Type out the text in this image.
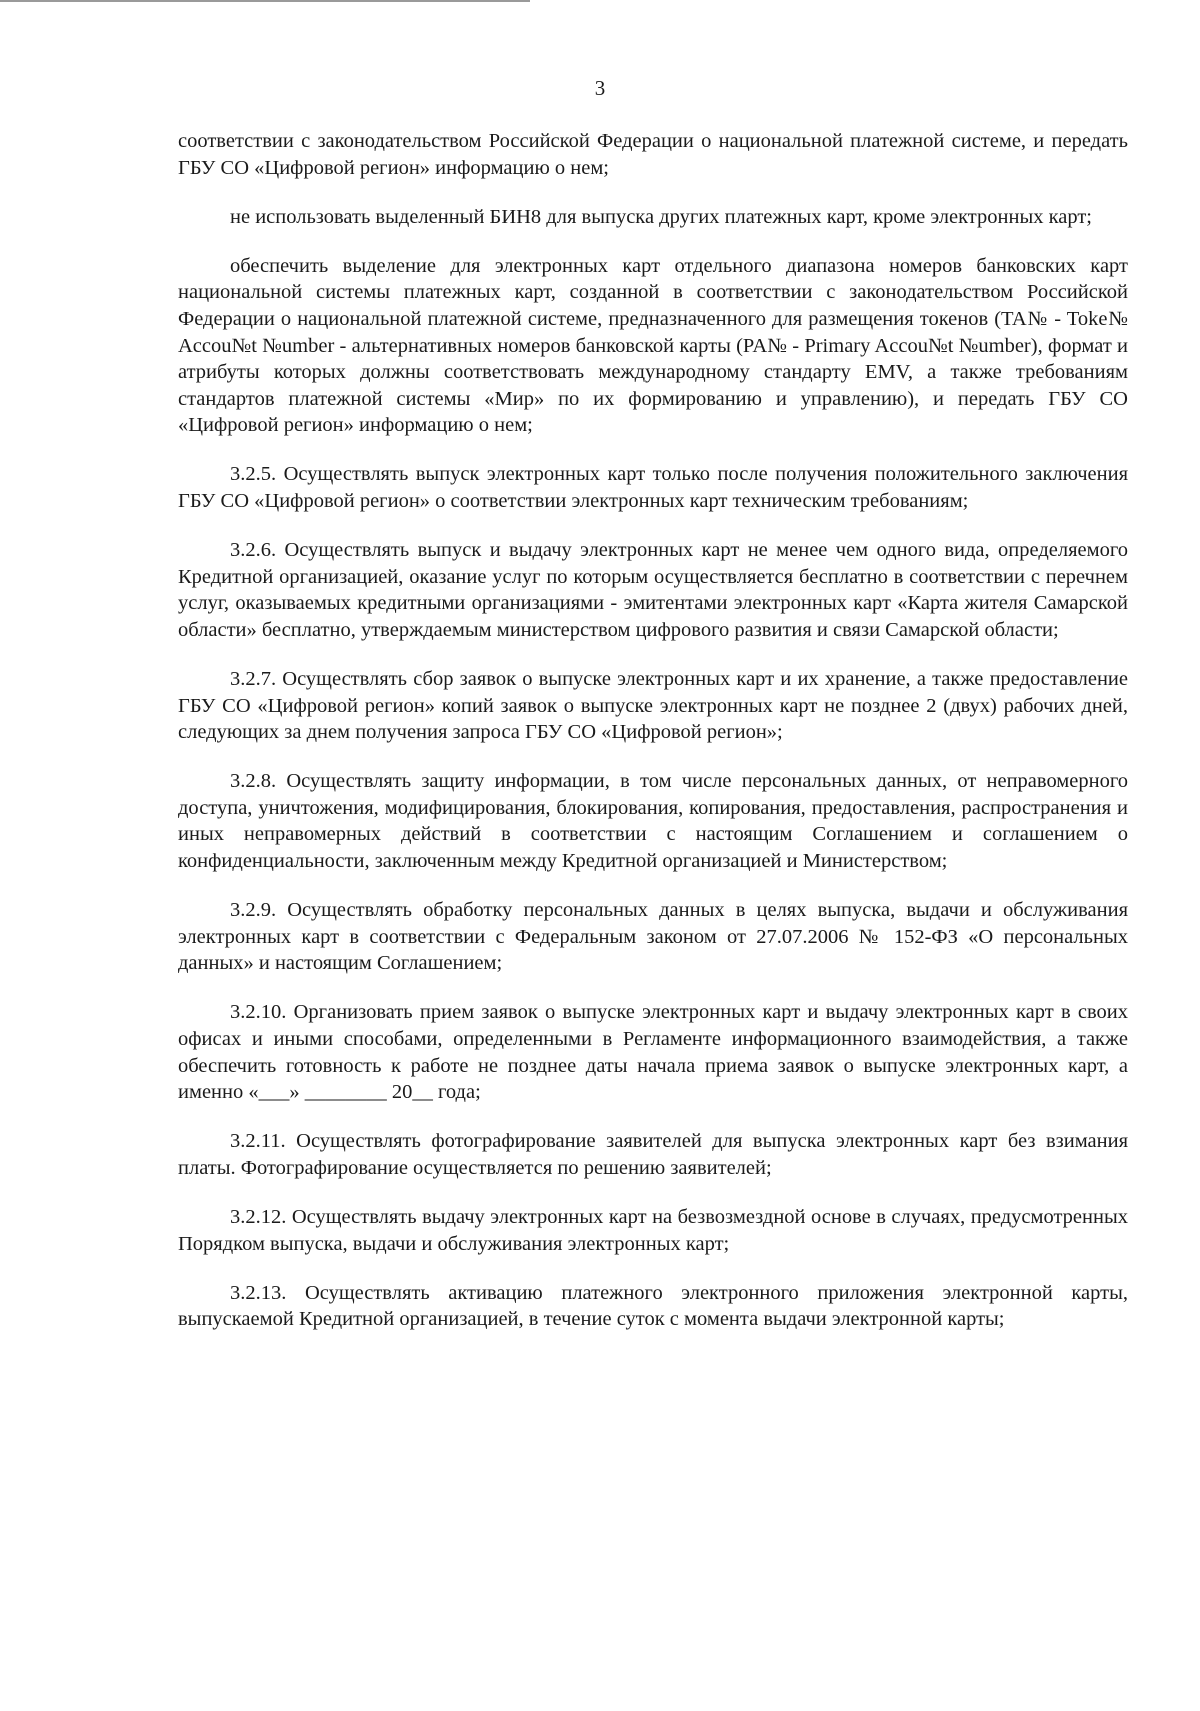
3

соответствии с законодательством Российской Федерации о национальной платежной системе, и передать ГБУ СО «Цифровой регион» информацию о нем;

не использовать выделенный БИН8 для выпуска других платежных карт, кроме электронных карт;

обеспечить выделение для электронных карт отдельного диапазона номеров банковских карт национальной системы платежных карт, созданной в соответствии с законодательством Российской Федерации о национальной платежной системе, предназначенного для размещения токенов (TA№ - Toke№ Accou№t №umber - альтернативных номеров банковской карты (PA№ - Primary Accou№t №umber), формат и атрибуты которых должны соответствовать международному стандарту EMV, а также требованиям стандартов платежной системы «Мир» по их формированию и управлению), и передать ГБУ СО «Цифровой регион» информацию о нем;

3.2.5. Осуществлять выпуск электронных карт только после получения положительного заключения ГБУ СО «Цифровой регион» о соответствии электронных карт техническим требованиям;

3.2.6. Осуществлять выпуск и выдачу электронных карт не менее чем одного вида, определяемого Кредитной организацией, оказание услуг по которым осуществляется бесплатно в соответствии с перечнем услуг, оказываемых кредитными организациями - эмитентами электронных карт «Карта жителя Самарской области» бесплатно, утверждаемым министерством цифрового развития и связи Самарской области;

3.2.7. Осуществлять сбор заявок о выпуске электронных карт и их хранение, а также предоставление ГБУ СО «Цифровой регион» копий заявок о выпуске электронных карт не позднее 2 (двух) рабочих дней, следующих за днем получения запроса ГБУ СО «Цифровой регион»;

3.2.8. Осуществлять защиту информации, в том числе персональных данных, от неправомерного доступа, уничтожения, модифицирования, блокирования, копирования, предоставления, распространения и иных неправомерных действий в соответствии с настоящим Соглашением и соглашением о конфиденциальности, заключенным между Кредитной организацией и Министерством;

3.2.9. Осуществлять обработку персональных данных в целях выпуска, выдачи и обслуживания электронных карт в соответствии с Федеральным законом от 27.07.2006 № 152-ФЗ «О персональных данных» и настоящим Соглашением;

3.2.10. Организовать прием заявок о выпуске электронных карт и выдачу электронных карт в своих офисах и иными способами, определенными в Регламенте информационного взаимодействия, а также обеспечить готовность к работе не позднее даты начала приема заявок о выпуске электронных карт, а именно «___» ________ 20__ года;

3.2.11. Осуществлять фотографирование заявителей для выпуска электронных карт без взимания платы. Фотографирование осуществляется по решению заявителей;

3.2.12. Осуществлять выдачу электронных карт на безвозмездной основе в случаях, предусмотренных Порядком выпуска, выдачи и обслуживания электронных карт;

3.2.13. Осуществлять активацию платежного электронного приложения электронной карты, выпускаемой Кредитной организацией, в течение суток с момента выдачи электронной карты;
